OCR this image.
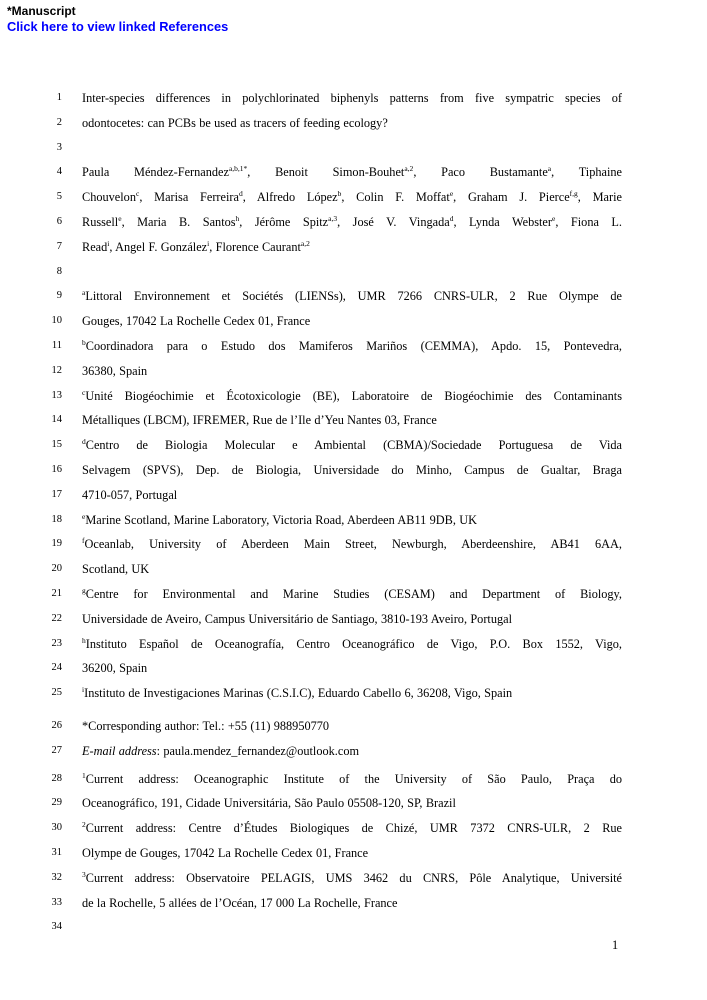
*Manuscript
Click here to view linked References
1 Inter-species differences in polychlorinated biphenyls patterns from five sympatric species of
2 odontocetes: can PCBs be used as tracers of feeding ecology?
3
4 Paula Méndez-Fernandez$^{a,b,1*}$, Benoit Simon-Bouhet$^{a,2}$, Paco Bustamante$^a$, Tiphaine
5 Chouvelon$^c$, Marisa Ferreira$^d$, Alfredo López$^b$, Colin F. Moffat$^e$, Graham J. Pierce$^{f,g}$, Marie
6 Russell$^e$, Maria B. Santos$^h$, Jérôme Spitz$^{a,3}$, José V. Vingada$^d$, Lynda Webster$^e$, Fiona L.
7 Read$^i$, Angel F. González$^i$, Florence Caurant$^{a,2}$
8
9	$^a$Littoral Environnement et Sociétés (LIENSs), UMR 7266 CNRS-ULR, 2 Rue Olympe de
10 Gouges, 17042 La Rochelle Cedex 01, France
11	$^b$Coordinadora para o Estudo dos Mamiferos Mariños (CEMMA), Apdo. 15, Pontevedra,
12 36380, Spain
13	$^c$Unité Biogéochimie et Écotoxicologie (BE), Laboratoire de Biogéochimie des Contaminants
14 Métalliques (LBCM), IFREMER, Rue de l’Ile d’Yeu Nantes 03, France
15	$^d$Centro de Biologia Molecular e Ambiental (CBMA)/Sociedade Portuguesa de Vida
16 Selvagem (SPVS), Dep. de Biologia, Universidade do Minho, Campus de Gualtar, Braga
17 4710-057, Portugal
18	$^e$Marine Scotland, Marine Laboratory, Victoria Road, Aberdeen AB11 9DB, UK
19	$^f$Oceanlab, University of Aberdeen Main Street, Newburgh, Aberdeenshire, AB41 6AA,
20 Scotland, UK
21	$^g$Centre for Environmental and Marine Studies (CESAM) and Department of Biology,
22 Universidade de Aveiro, Campus Universitário de Santiago, 3810-193 Aveiro, Portugal
23	$^h$Instituto Español de Oceanografía, Centro Oceanográfico de Vigo, P.O. Box 1552, Vigo,
24 36200, Spain
25	$^i$Instituto de Investigaciones Marinas (C.S.I.C), Eduardo Cabello 6, 36208, Vigo, Spain
26 *Corresponding author: Tel.: +55 (11) 988950770
27 E-mail address: paula.mendez_fernandez@outlook.com
28	$^1$Current address: Oceanographic Institute of the University of São Paulo, Praça do
29 Oceanográfico, 191, Cidade Universitária, São Paulo 05508-120, SP, Brazil
30	$^2$Current address: Centre d’Études Biologiques de Chizé, UMR 7372 CNRS-ULR, 2 Rue
31 Olympe de Gouges, 17042 La Rochelle Cedex 01, France
32	$^3$Current address: Observatoire PELAGIS, UMS 3462 du CNRS, Pôle Analytique, Université
33 de la Rochelle, 5 allées de l’Océan, 17 000 La Rochelle, France
34
1
